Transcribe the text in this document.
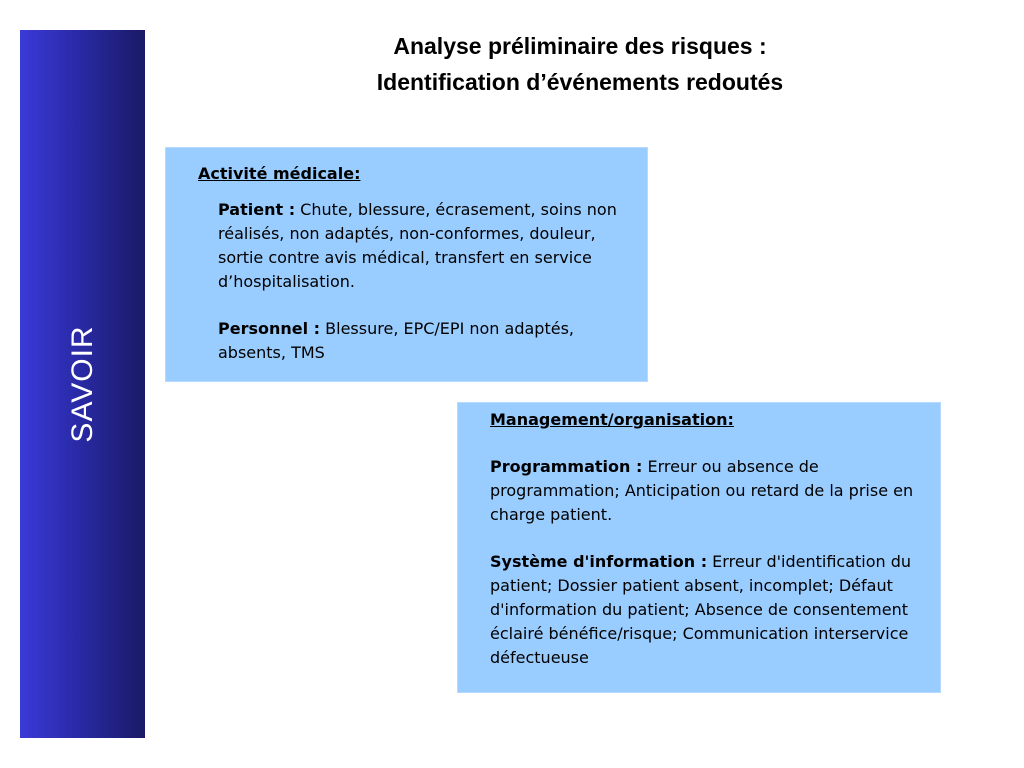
SAVOIR
Analyse préliminaire des risques :
Identification d’événements redoutés
Activité médicale:

Patient : Chute, blessure, écrasement, soins non réalisés, non adaptés, non-conformes, douleur, sortie contre avis médical, transfert en service d’hospitalisation.

Personnel : Blessure, EPC/EPI non adaptés, absents, TMS

Management/organisation:

Programmation : Erreur ou absence de programmation; Anticipation ou retard de la prise en charge patient.

Système d'information : Erreur d'identification du patient; Dossier patient absent, incomplet; Défaut d'information du patient; Absence de consentement éclairé bénéfice/risque; Communication interservice défectueuse
